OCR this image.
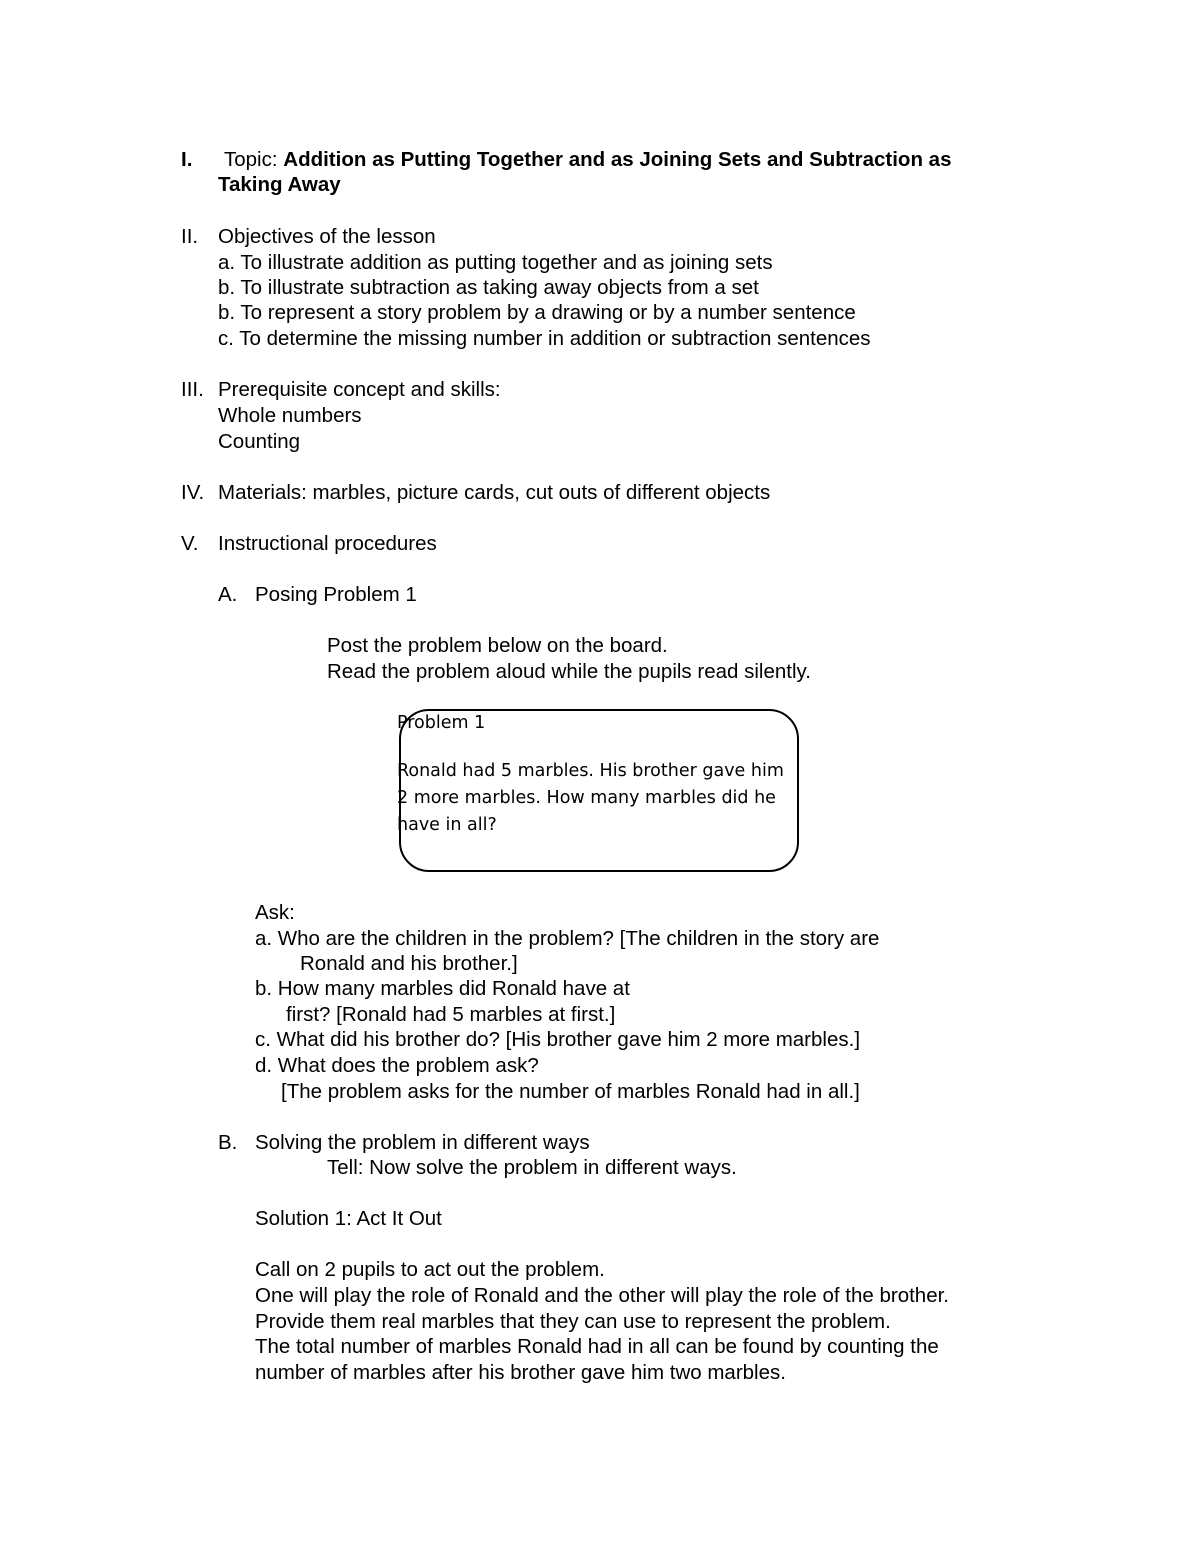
I. Topic: Addition as Putting Together and as Joining Sets and Subtraction as
Taking Away
II. Objectives of the lesson
a. To illustrate addition as putting together and as joining sets
b. To illustrate subtraction as taking away objects from a set
b. To represent a story problem by a drawing or by a number sentence
c. To determine the missing number in addition or subtraction sentences
III. Prerequisite concept and skills:
Whole numbers
Counting
IV. Materials: marbles, picture cards, cut outs of different objects
V. Instructional procedures
A. Posing Problem 1
Post the problem below on the board.
Read the problem aloud while the pupils read silently.
Problem 1
Ronald had 5 marbles. His brother gave him
2 more marbles. How many marbles did he
have in all?
Ask:
a. Who are the children in the problem? [The children in the story are
Ronald and his brother.]
b. How many marbles did Ronald have at
first? [Ronald had 5 marbles at first.]
c. What did his brother do? [His brother gave him 2 more marbles.]
d. What does the problem ask?
[The problem asks for the number of marbles Ronald had in all.]
B. Solving the problem in different ways
Tell: Now solve the problem in different ways.
Solution 1: Act It Out
Call on 2 pupils to act out the problem.
One will play the role of Ronald and the other will play the role of the brother.
Provide them real marbles that they can use to represent the problem.
The total number of marbles Ronald had in all can be found by counting the
number of marbles after his brother gave him two marbles.
